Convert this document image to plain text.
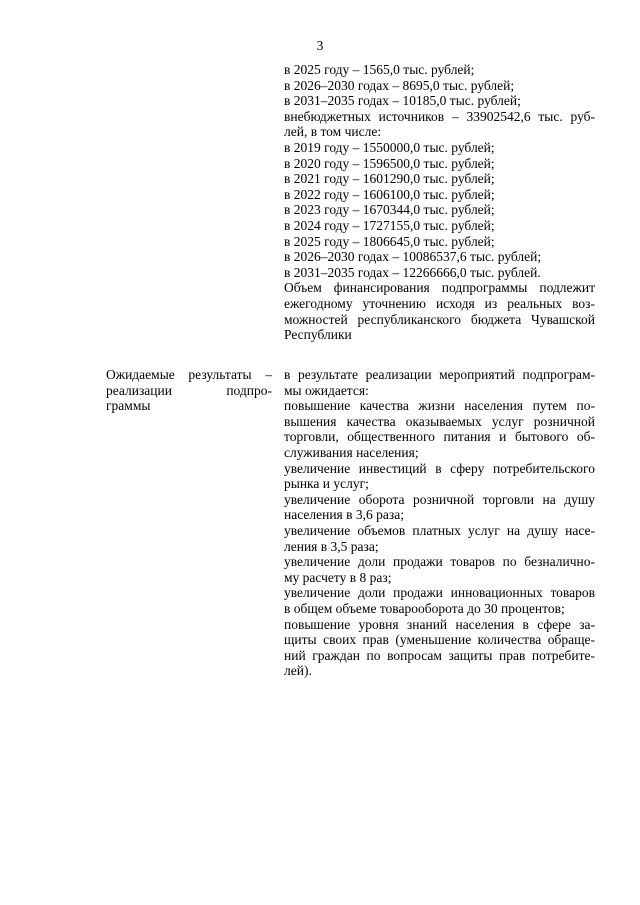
3
в 2025 году – 1565,0 тыс. рублей;
в 2026–2030 годах – 8695,0 тыс. рублей;
в 2031–2035 годах – 10185,0 тыс. рублей;
внебюджетных источников – 33902542,6 тыс. руб-
лей, в том числе:
в 2019 году – 1550000,0 тыс. рублей;
в 2020 году – 1596500,0 тыс. рублей;
в 2021 году – 1601290,0 тыс. рублей;
в 2022 году – 1606100,0 тыс. рублей;
в 2023 году – 1670344,0 тыс. рублей;
в 2024 году – 1727155,0 тыс. рублей;
в 2025 году – 1806645,0 тыс. рублей;
в 2026–2030 годах – 10086537,6 тыс. рублей;
в 2031–2035 годах – 12266666,0 тыс. рублей.
Объем финансирования подпрограммы подлежит
ежегодному уточнению исходя из реальных воз-
можностей республиканского бюджета Чувашской
Республики
Ожидаемые результаты –
реализации подпро-
граммы
в результате реализации мероприятий подпрограм-
мы ожидается:
повышение качества жизни населения путем по-
вышения качества оказываемых услуг розничной
торговли, общественного питания и бытового об-
служивания населения;
увеличение инвестиций в сферу потребительского
рынка и услуг;
увеличение оборота розничной торговли на душу
населения в 3,6 раза;
увеличение объемов платных услуг на душу насе-
ления в 3,5 раза;
увеличение доли продажи товаров по безналично-
му расчету в 8 раз;
увеличение доли продажи инновационных товаров
в общем объеме товарооборота до 30 процентов;
повышение уровня знаний населения в сфере за-
щиты своих прав (уменьшение количества обраще-
ний граждан по вопросам защиты прав потребите-
лей).
